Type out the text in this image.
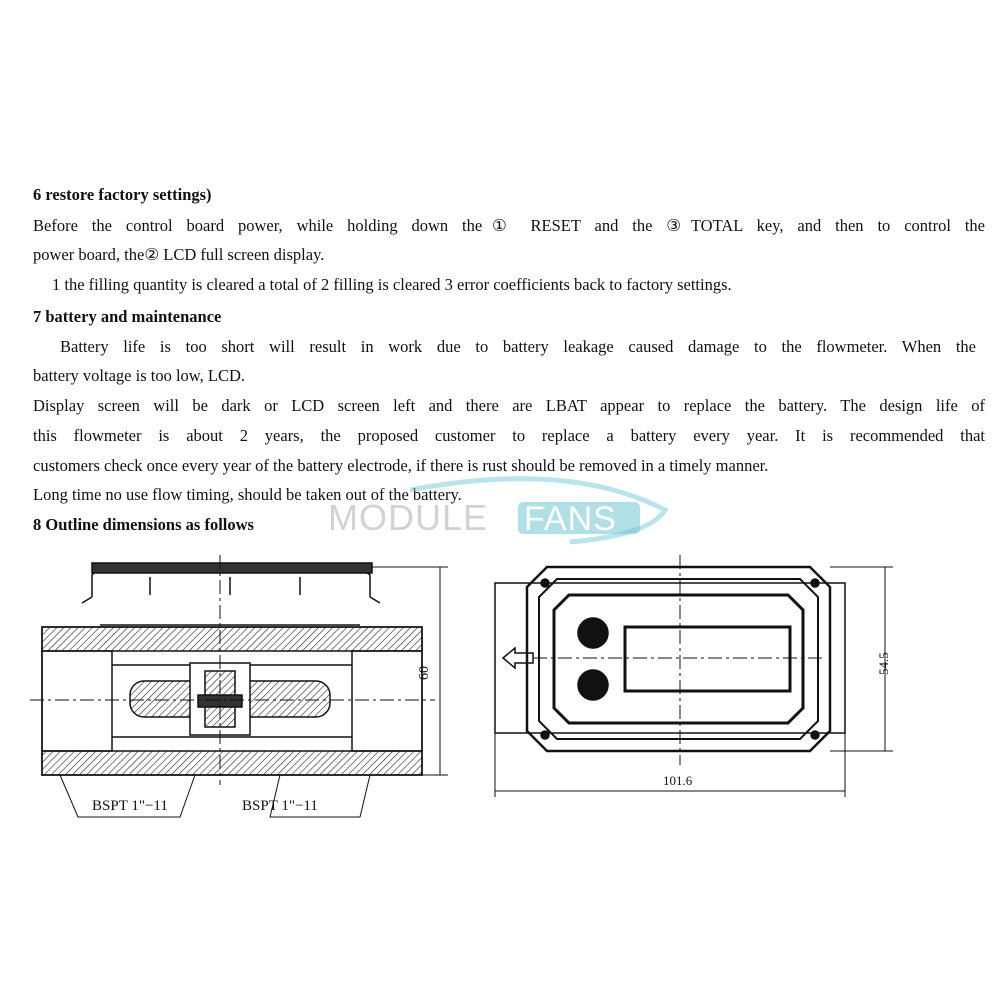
6 restore factory settings)
Before the control board power, while holding down the① RESET and the ③TOTAL key, and then to control the
power board, the② LCD full screen display.
1 the filling quantity is cleared a total of 2 filling is cleared 3 error coefficients back to factory settings.
7 battery and maintenance
Battery life is too short will result in work due to battery leakage caused damage to the flowmeter. When the
battery voltage is too low, LCD.
Display screen will be dark or LCD screen left and there are LBAT appear to replace the battery. The design life of
this flowmeter is about 2 years, the proposed customer to replace a battery every year. It is recommended that
customers check once every year of the battery electrode, if there is rust should be removed in a timely manner.
Long time no use flow timing, should be taken out of the battery.
8 Outline dimensions as follows MODULE FANS
60
BSPT 1"−11	BSPT 1"−11
54.5
101.6
